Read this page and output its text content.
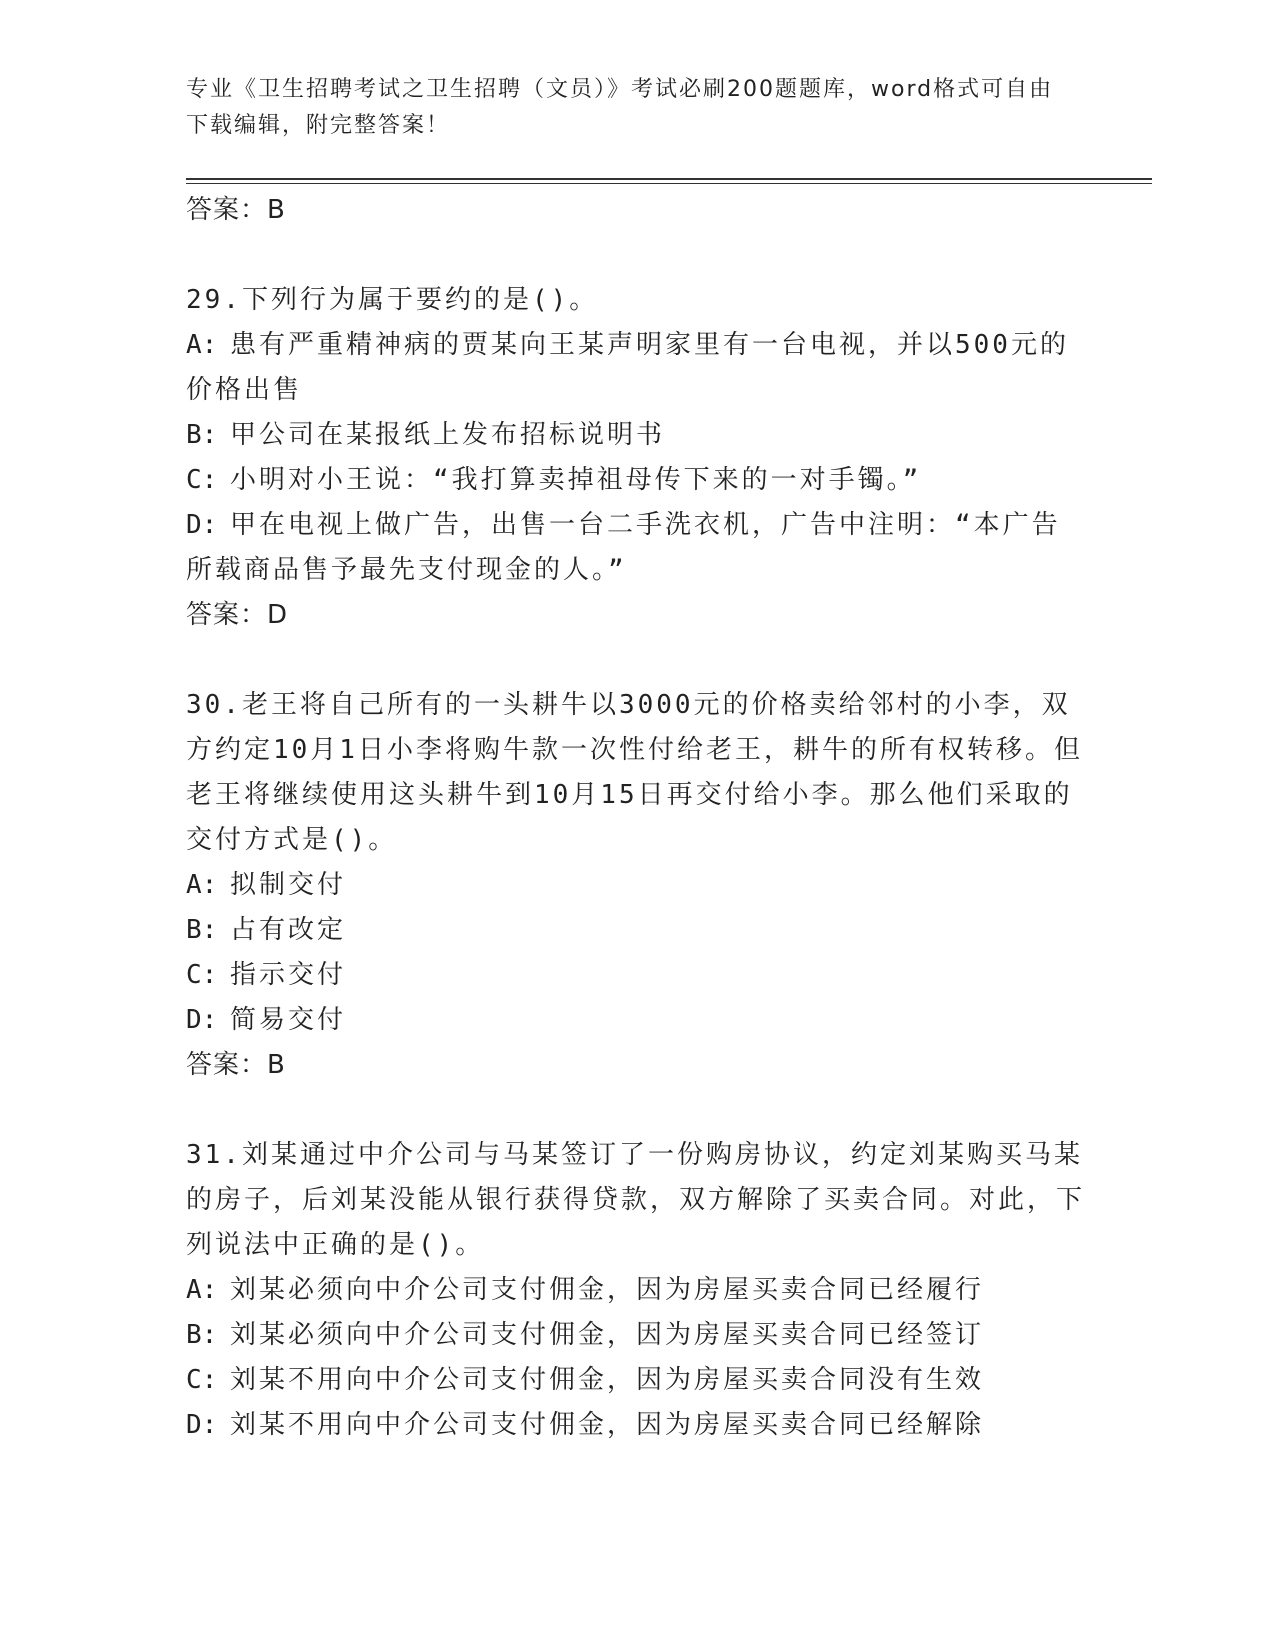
专业《卫生招聘考试之卫生招聘（文员）》考试必刷200题题库，word格式可自由下载编辑，附完整答案！

答案：B

29.下列行为属于要约的是()。

A: 患有严重精神病的贾某向王某声明家里有一台电视，并以500元的价格出售

B: 甲公司在某报纸上发布招标说明书

C: 小明对小王说：“我打算卖掉祖母传下来的一对手镯。”

D: 甲在电视上做广告，出售一台二手洗衣机，广告中注明：“本广告所载商品售予最先支付现金的人。”

答案：D

30.老王将自己所有的一头耕牛以3000元的价格卖给邻村的小李，双方约定10月1日小李将购牛款一次性付给老王，耕牛的所有权转移。但老王将继续使用这头耕牛到10月15日再交付给小李。那么他们采取的交付方式是()。

A: 拟制交付

B: 占有改定

C: 指示交付

D: 简易交付

答案：B

31.刘某通过中介公司与马某签订了一份购房协议，约定刘某购买马某的房子，后刘某没能从银行获得贷款，双方解除了买卖合同。对此，下列说法中正确的是()。

A: 刘某必须向中介公司支付佣金，因为房屋买卖合同已经履行

B: 刘某必须向中介公司支付佣金，因为房屋买卖合同已经签订

C: 刘某不用向中介公司支付佣金，因为房屋买卖合同没有生效

D: 刘某不用向中介公司支付佣金，因为房屋买卖合同已经解除
